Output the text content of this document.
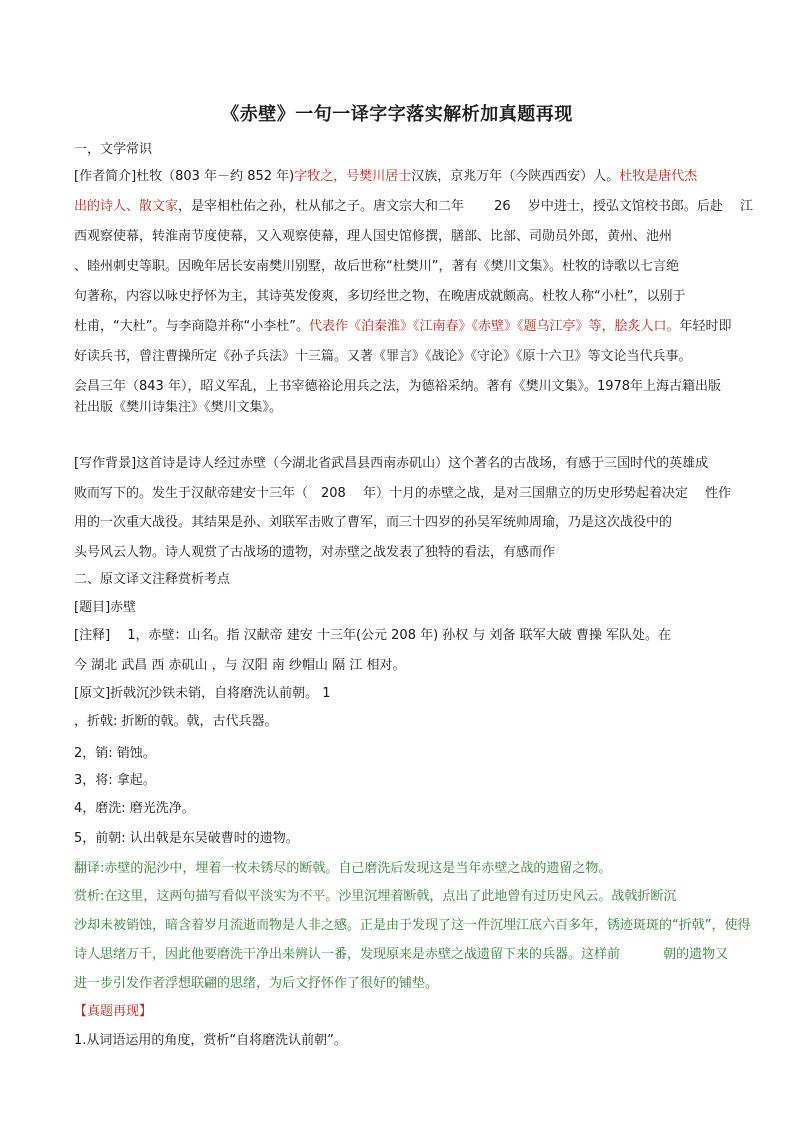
《赤壁》一句一译字字落实解析加真题再现
一，文学常识
[作者简介]杜牧（803 年－约 852 年)字牧之，号樊川居士汉族，京兆万年（今陕西西安）人。杜牧是唐代杰
出的诗人、散文家，是宰相杜佑之孙，杜从郁之子。唐文宗大和二年 　　26 　岁中进士，授弘文馆校书郎。后赴 　江
西观察使幕，转淮南节度使幕，又入观察使幕，理人国史馆修撰，膳部、比部、司勋员外郎，黄州、池州
、睦州刺史等职。因晚年居长安南樊川别墅，故后世称“杜樊川”，著有《樊川文集》。杜牧的诗歌以七言绝
句著称，内容以咏史抒怀为主，其诗英发俊爽，多切经世之物，在晚唐成就颇高。杜牧人称“小杜”，以别于
杜甫，“大杜”。与李商隐并称“小李杜”。代表作《泊秦淮》《江南春》《赤壁》《题乌江亭》等，脍炙人口。年轻时即
好读兵书，曾注曹操所定《孙子兵法》十三篇。又著《罪言》《战论》《守论》《原十六卫》等文论当代兵事。
会昌三年（843 年），昭义军乱，上书宰德裕论用兵之法，为德裕采纳。著有《樊川文集》。1978年上海古籍出版
社出版《樊川诗集注》《樊川文集》。
[写作背景]这首诗是诗人经过赤壁（今湖北省武昌县西南赤矶山）这个著名的古战场，有感于三国时代的英雄成
败而写下的。发生于汉献帝建安十三年（　208 　年）十月的赤壁之战，是对三国鼎立的历史形势起着决定 　性作
用的一次重大战役。其结果是孙、刘联军击败了曹军，而三十四岁的孙吴军统帅周瑜，乃是这次战役中的
头号风云人物。诗人观赏了古战场的遗物，对赤壁之战发表了独特的看法，有感而作
二、原文译文注释赏析考点
[题目]赤壁
[注释] 　1，赤壁：山名。指 汉献帝 建安 十三年(公元 208 年) 孙权 与 刘备 联军大破 曹操 军队处。在
今 湖北 武昌 西 赤矶山 ，与 汉阳 南 纱帽山 隔 江 相对。
[原文]折戟沉沙铁未销，自将磨洗认前朝。 1
，折戟: 折断的戟。戟，古代兵器。
2，销: 销蚀。
3，将: 拿起。
4，磨洗: 磨光洗净。
5，前朝: 认出戟是东吴破曹时的遗物。
翻译:赤壁的泥沙中，埋着一枚未锈尽的断戟。自己磨洗后发现这是当年赤壁之战的遗留之物。
赏析:在这里，这两句描写看似平淡实为不平。沙里沉埋着断戟，点出了此地曾有过历史风云。战戟折断沉
沙却未被销蚀，暗含着岁月流逝而物是人非之感。正是由于发现了这一件沉埋江底六百多年，锈迹斑斑的“折戟”，使得
诗人思绪万千，因此他要磨洗干净出来辨认一番，发现原来是赤壁之战遗留下来的兵器。这样前 　　　朝的遗物又
进一步引发作者浮想联翩的思绪，为后文抒怀作了很好的铺垫。
【真题再现】
1.从词语运用的角度，赏析“自将磨洗认前朝”。
